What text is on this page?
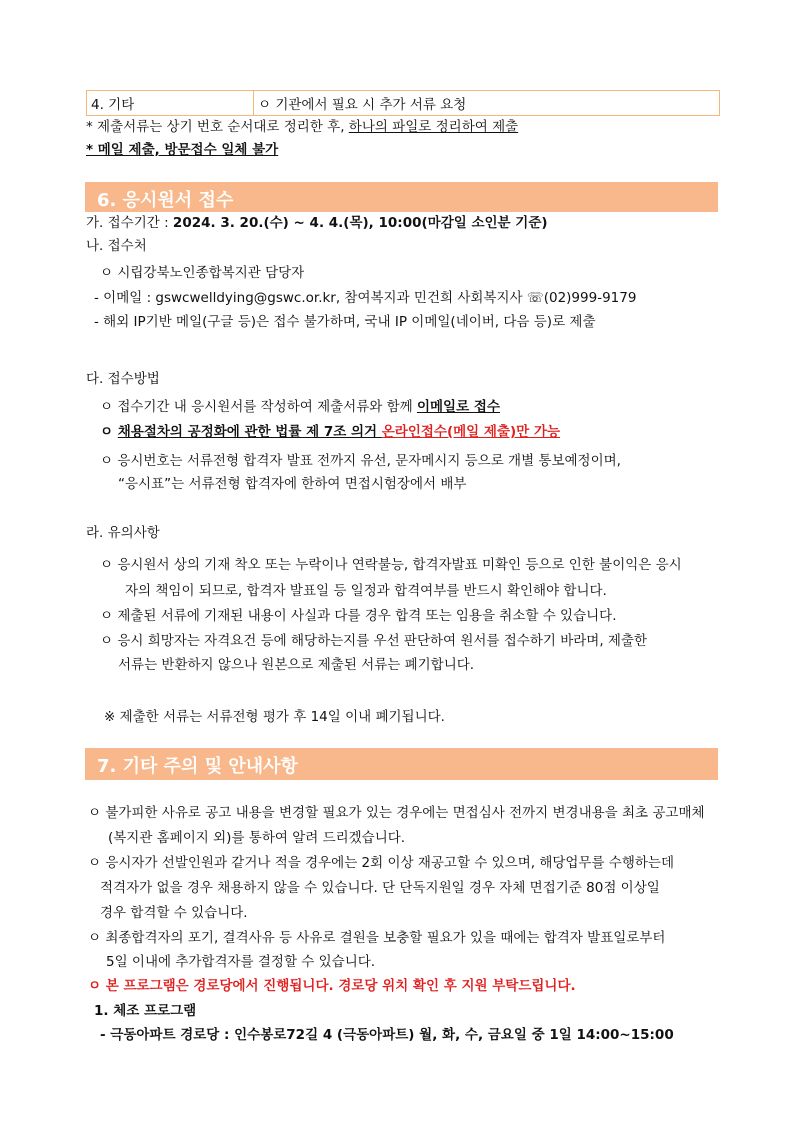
4. 기타	ㅇ 기관에서 필요 시 추가 서류 요청
* 제출서류는 상기 번호 순서대로 정리한 후, 하나의 파일로 정리하여 제출
* 메일 제출, 방문접수 일체 불가
6. 응시원서 접수
가. 접수기간 : 2024. 3. 20.(수) ~ 4. 4.(목), 10:00(마감일 소인분 기준)
나. 접수처
ㅇ 시립강북노인종합복지관 담당자
- 이메일 : gswcwelldying@gswc.or.kr, 참여복지과 민건희 사회복지사 ☏(02)999-9179
- 해외 IP기반 메일(구글 등)은 접수 불가하며, 국내 IP 이메일(네이버, 다음 등)로 제출
다. 접수방법
ㅇ 접수기간 내 응시원서를 작성하여 제출서류와 함께 이메일로 접수
ㅇ 채용절차의 공정화에 관한 법률 제 7조 의거 온라인접수(메일 제출)만 가능
ㅇ 응시번호는 서류전형 합격자 발표 전까지 유선, 문자메시지 등으로 개별 통보예정이며,
“응시표”는 서류전형 합격자에 한하여 면접시험장에서 배부
라. 유의사항
ㅇ 응시원서 상의 기재 착오 또는 누락이나 연락불능, 합격자발표 미확인 등으로 인한 불이익은 응시
자의 책임이 되므로, 합격자 발표일 등 일정과 합격여부를 반드시 확인해야 합니다.
ㅇ 제출된 서류에 기재된 내용이 사실과 다를 경우 합격 또는 임용을 취소할 수 있습니다.
ㅇ 응시 희망자는 자격요건 등에 해당하는지를 우선 판단하여 원서를 접수하기 바라며, 제출한
서류는 반환하지 않으나 원본으로 제출된 서류는 폐기합니다.
※ 제출한 서류는 서류전형 평가 후 14일 이내 폐기됩니다.
7. 기타 주의 및 안내사항
ㅇ 불가피한 사유로 공고 내용을 변경할 필요가 있는 경우에는 면접심사 전까지 변경내용을 최초 공고매체
(복지관 홈페이지 외)를 통하여 알려 드리겠습니다.
ㅇ 응시자가 선발인원과 같거나 적을 경우에는 2회 이상 재공고할 수 있으며, 해당업무를 수행하는데
적격자가 없을 경우 채용하지 않을 수 있습니다. 단 단독지원일 경우 자체 면접기준 80점 이상일
경우 합격할 수 있습니다.
ㅇ 최종합격자의 포기, 결격사유 등 사유로 결원을 보충할 필요가 있을 때에는 합격자 발표일로부터
5일 이내에 추가합격자를 결정할 수 있습니다.
ㅇ 본 프로그램은 경로당에서 진행됩니다. 경로당 위치 확인 후 지원 부탁드립니다.
1. 체조 프로그램
- 극동아파트 경로당 : 인수봉로72길 4 (극동아파트) 월, 화, 수, 금요일 중 1일 14:00~15:00
